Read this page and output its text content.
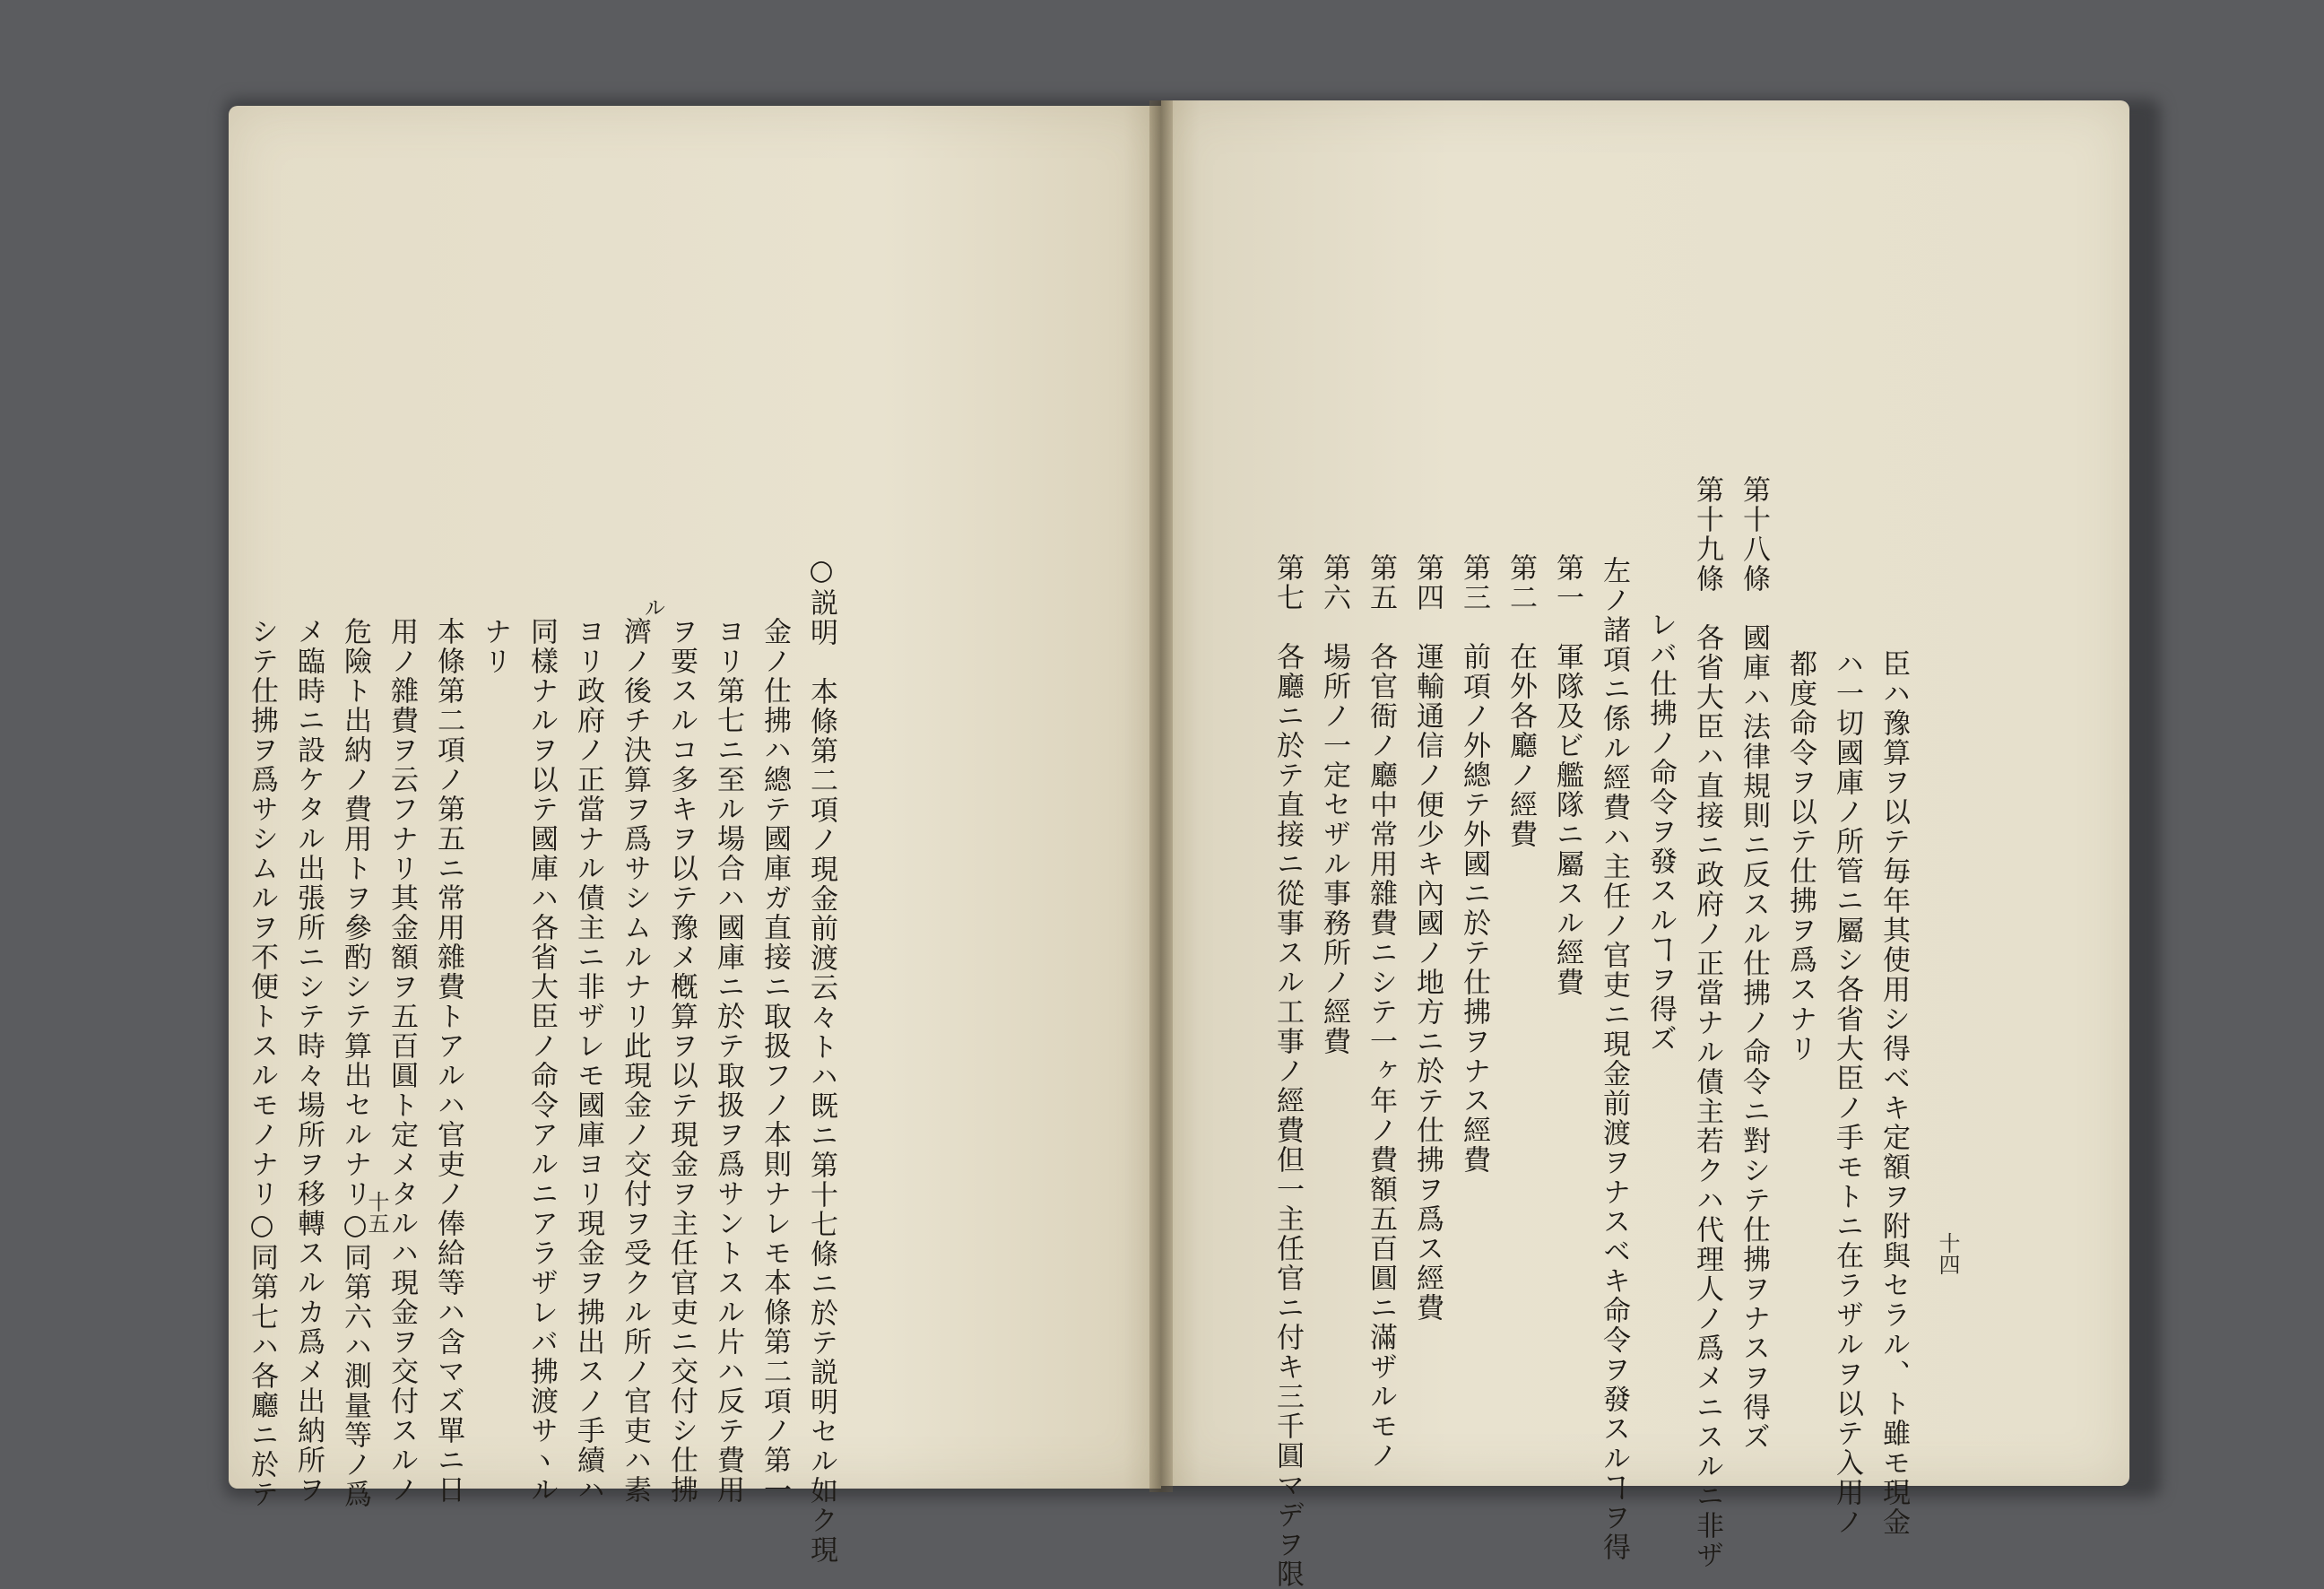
ル	○説明　本條第二項ノ現金前渡云々トハ既ニ第十七條ニ於テ説明セル如ク現
金ノ仕拂ハ總テ國庫ガ直接ニ取扱フノ本則ナレモ本條第二項ノ第一
ヨリ第七ニ至ル場合ハ國庫ニ於テ取扱ヲ爲サントスル片ハ反テ費用
ヲ要スルコ多キヲ以テ豫メ槪算ヲ以テ現金ヲ主任官吏ニ交付シ仕拂
濟ノ後チ決算ヲ爲サシムルナリ此現金ノ交付ヲ受クル所ノ官吏ハ素
ヨリ政府ノ正當ナル債主ニ非ザレモ國庫ヨリ現金ヲ拂出スノ手續ハ
同樣ナルヲ以テ國庫ハ各省大臣ノ命令アルニアラザレバ拂渡サヽル
ナリ
本條第二項ノ第五ニ常用雜費トアルハ官吏ノ俸給等ハ含マズ單ニ日
用ノ雜費ヲ云フナリ其金額ヲ五百圓ト定メタルハ現金ヲ交付スルノ
危險ト出納ノ費用トヲ參酌シテ算出セルナリ○同第六ハ測量等ノ爲
メ臨時ニ設ケタル出張所ニシテ時々場所ヲ移轉スルカ爲メ出納所ヲ
シテ仕拂ヲ爲サシムルヲ不便トスルモノナリ○同第七ハ各廳ニ於テ	十五	臣ハ豫算ヲ以テ毎年其使用シ得ベキ定額ヲ附與セラル、ト雖モ現金
ハ一切國庫ノ所管ニ屬シ各省大臣ノ手モトニ在ラザルヲ以テ入用ノ
都度命令ヲ以テ仕拂ヲ爲スナリ
第十八條　國庫ハ法律規則ニ反スル仕拂ノ命令ニ對シテ仕拂ヲナスヲ得ズ
第十九條　各省大臣ハ直接ニ政府ノ正當ナル債主若クハ代理人ノ爲メニスルニ非ザ
レバ仕拂ノ命令ヲ發スルヿヲ得ズ
左ノ諸項ニ係ル經費ハ主任ノ官吏ニ現金前渡ヲナスベキ命令ヲ發スルヿヲ得
第一　軍隊及ビ艦隊ニ屬スル經費
第二　在外各廳ノ經費
第三　前項ノ外總テ外國ニ於テ仕拂ヲナス經費
第四　運輸通信ノ便少キ內國ノ地方ニ於テ仕拂ヲ爲ス經費
第五　各官衙ノ廳中常用雜費ニシテ一ヶ年ノ費額五百圓ニ滿ザルモノ
第六　場所ノ一定セザル事務所ノ經費
第七　各廳ニ於テ直接ニ從事スル工事ノ經費但一主任官ニ付キ三千圓マデヲ限	十四
